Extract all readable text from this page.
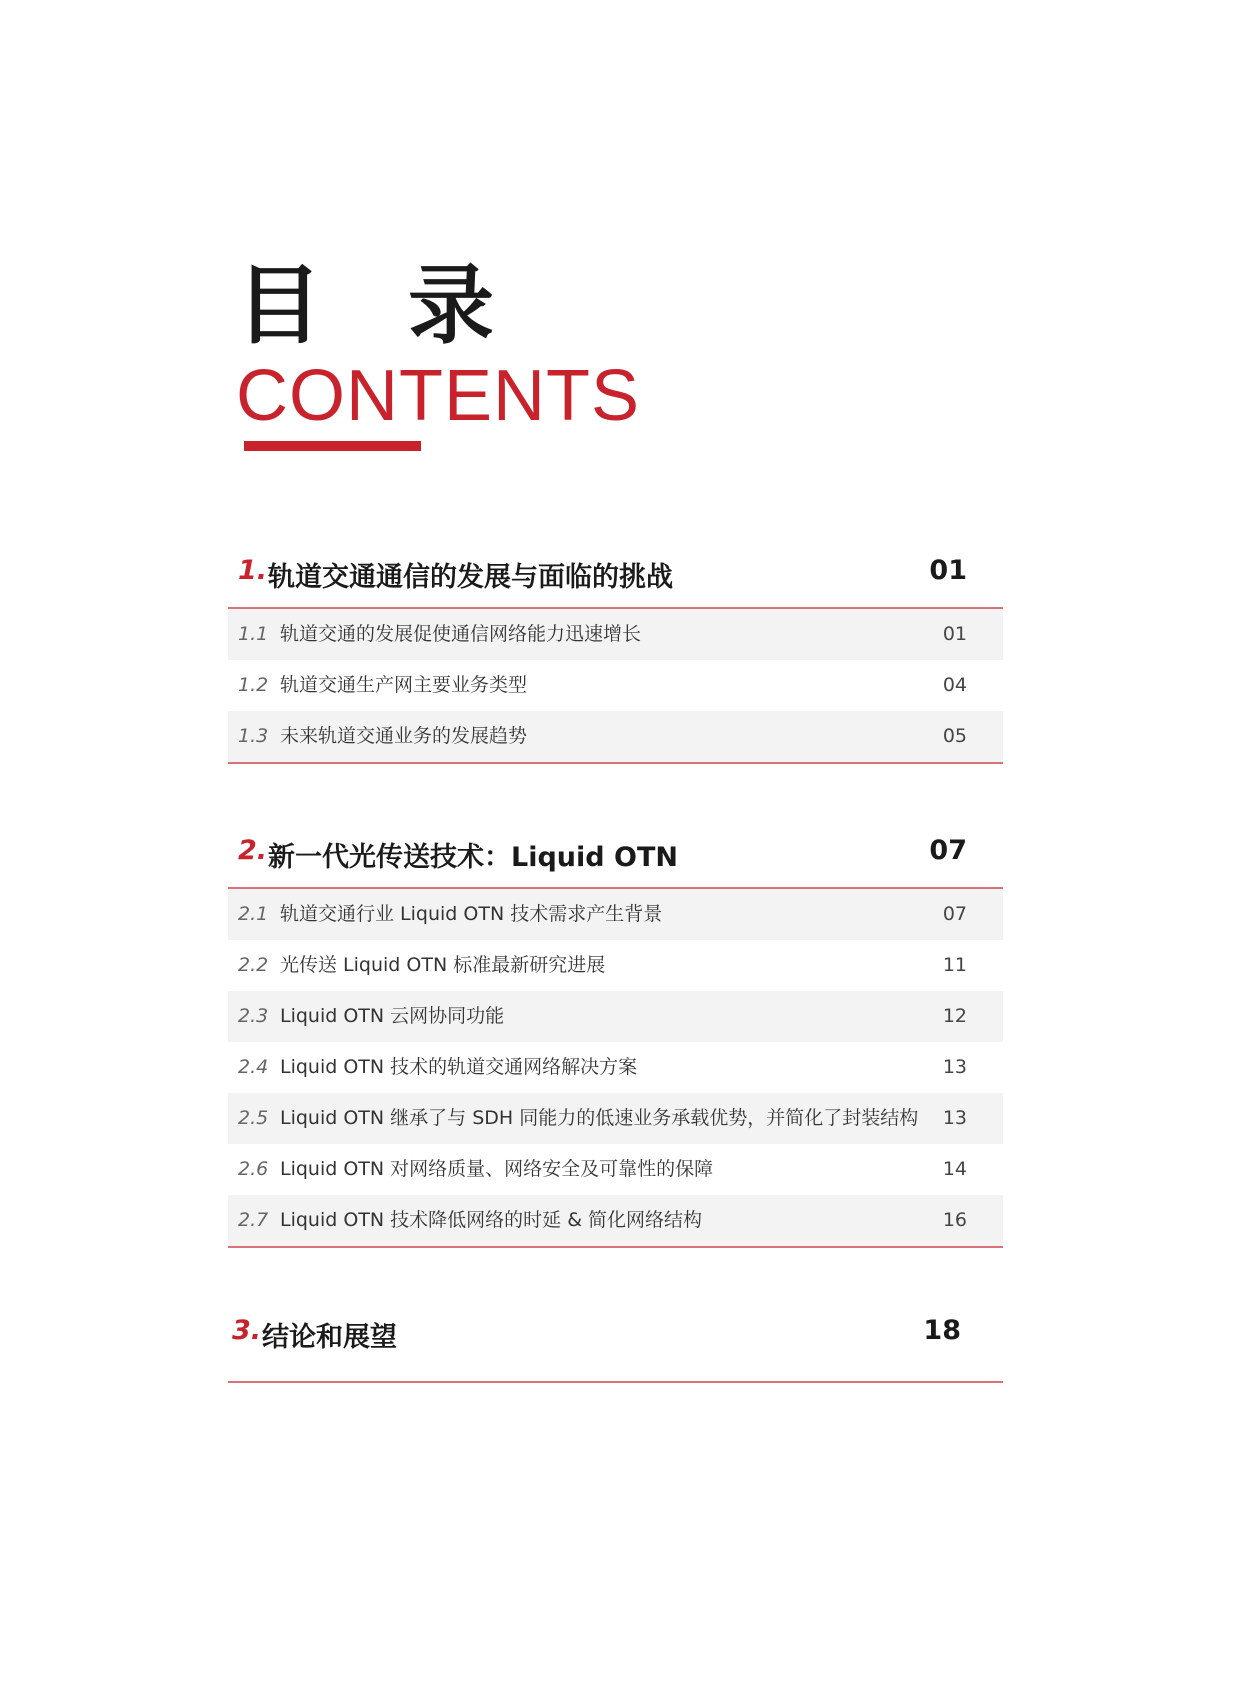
目 录
CONTENTS
1. 轨道交通通信的发展与面临的挑战	01
1.1 轨道交通的发展促使通信网络能力迅速增长	01
1.2 轨道交通生产网主要业务类型	04
1.3 未来轨道交通业务的发展趋势	05
2. 新一代光传送技术：Liquid OTN	07
2.1 轨道交通行业 Liquid OTN 技术需求产生背景	07
2.2 光传送 Liquid OTN 标准最新研究进展	11
2.3 Liquid OTN 云网协同功能	12
2.4 Liquid OTN 技术的轨道交通网络解决方案	13
2.5 Liquid OTN 继承了与 SDH 同能力的低速业务承载优势，并简化了封装结构 13
2.6 Liquid OTN 对网络质量、网络安全及可靠性的保障	14
2.7 Liquid OTN 技术降低网络的时延 & 简化网络结构	16
3. 结论和展望	18
